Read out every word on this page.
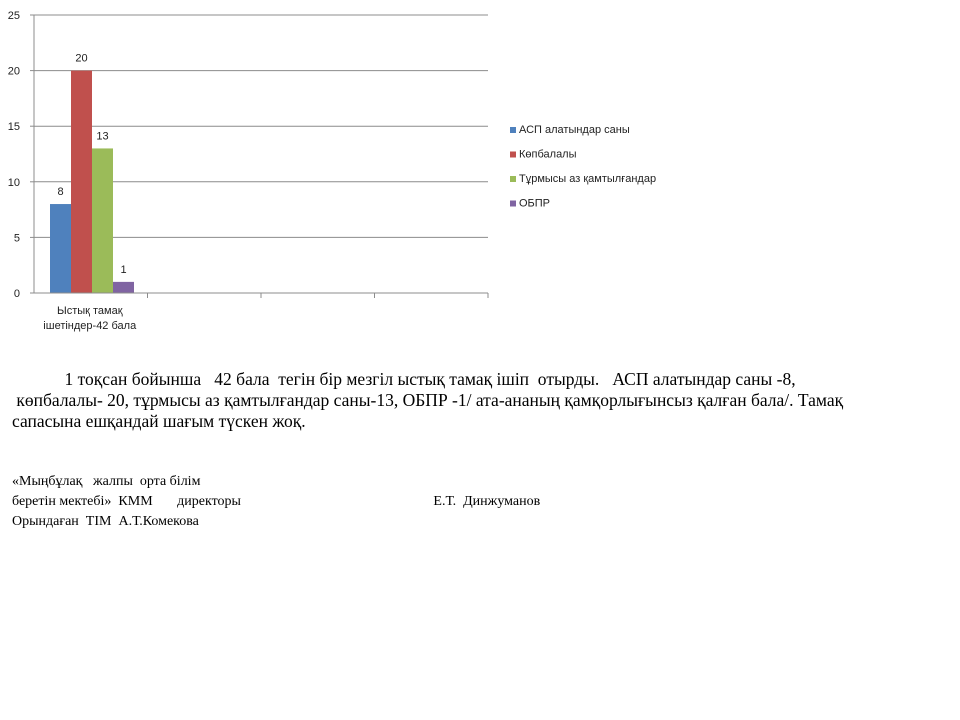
8
20
13
1
0
5
10
15
20
25
Ыстық тамақ ішетіндер-42 бала
АСП алатындар саны
Көпбалалы
Тұрмысы аз қамтылғандар
ОБПР
1 тоқсан бойынша   42 бала  тегін бір мезгіл ыстық тамақ ішіп  отырды.   АСП алатындар саны -8,
көпбалалы- 20, тұрмысы аз қамтылғандар саны-13, ОБПР -1/ ата-ананың қамқорлығынсыз қалған бала/. Тамақ
сапасына ешқандай шағым түскен жоқ.
«Мыңбұлақ   жалпы  орта білім
беретін мектебі»  КММ       директоры                                                       Е.Т.  Динжуманов
Орындаған  ТІМ  А.Т.Комекова
